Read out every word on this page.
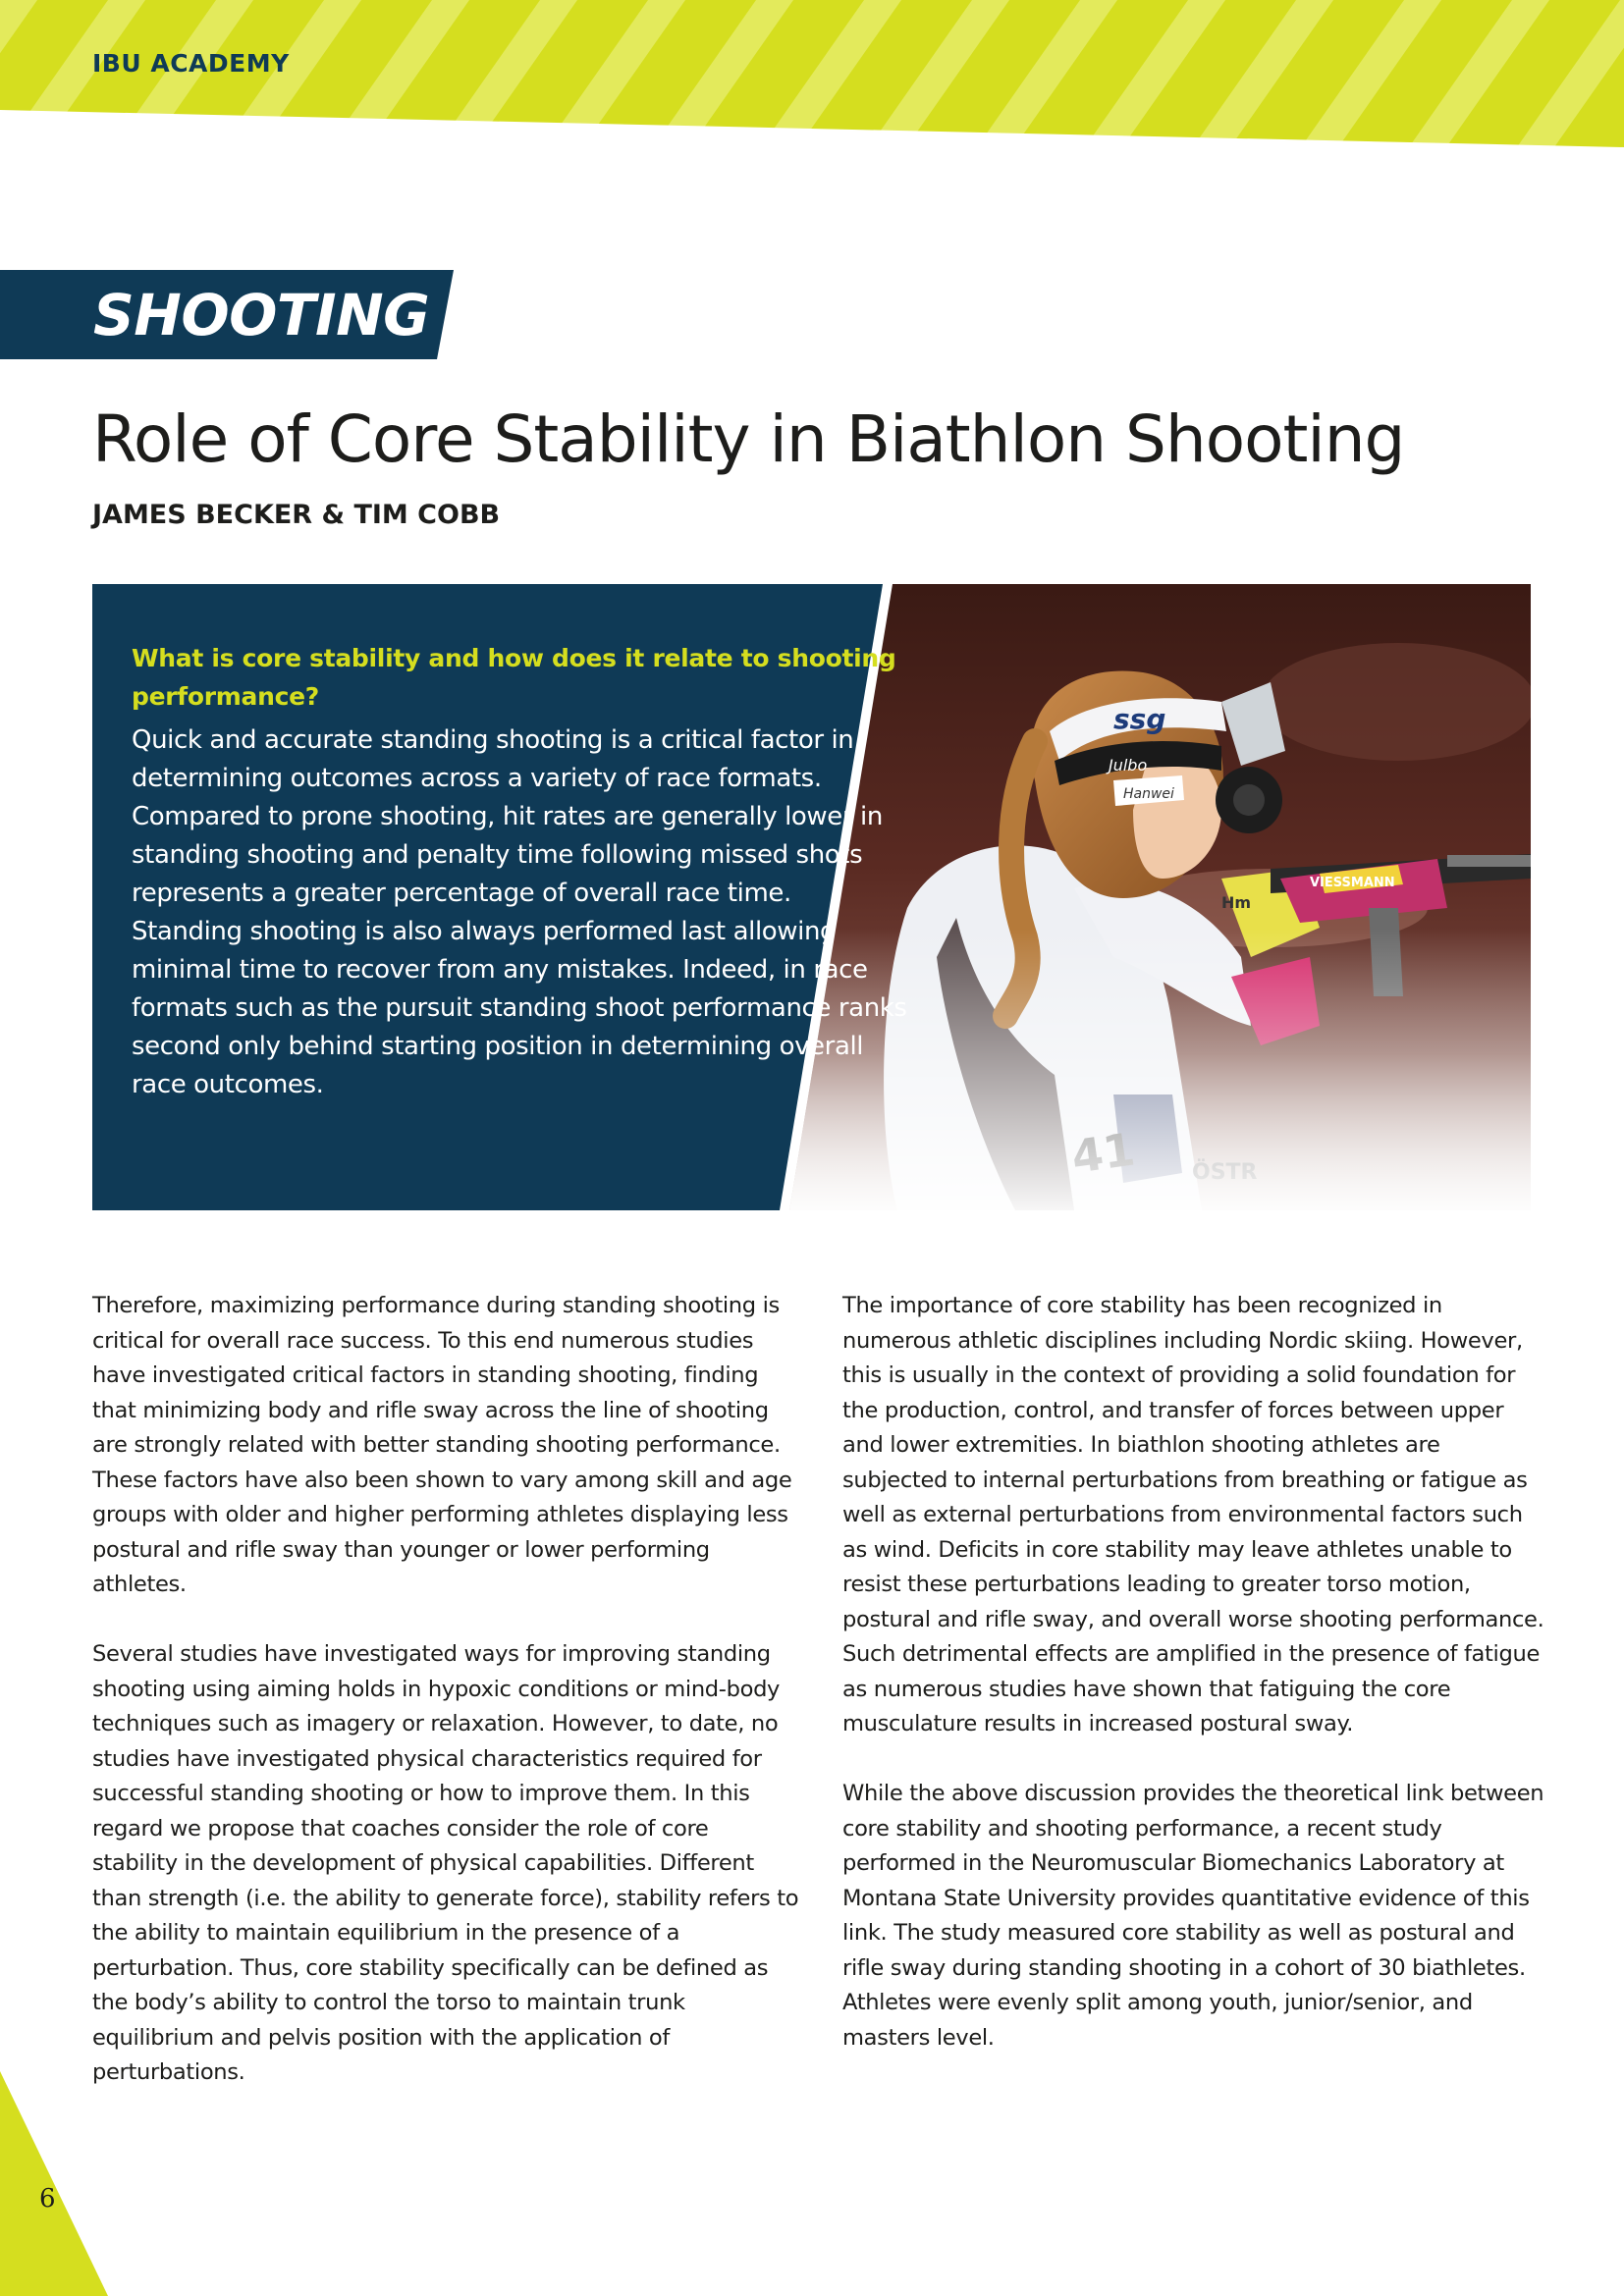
IBU ACADEMY
SHOOTING
Role of Core Stability in Biathlon Shooting
JAMES BECKER & TIM COBB

What is core stability and how does it relate to shooting performance?

Quick and accurate standing shooting is a critical factor in determining outcomes across a variety of race formats. Compared to prone shooting, hit rates are generally lower in standing shooting and penalty time following missed shots represents a greater percentage of overall race time. Standing shooting is also always performed last allowing minimal time to recover from any mistakes. Indeed, in race formats such as the pursuit standing shoot performance ranks second only behind starting position in determining overall race outcomes.

Therefore, maximizing performance during standing shooting is critical for overall race success. To this end numerous studies have investigated critical factors in standing shooting, finding that minimizing body and rifle sway across the line of shooting are strongly related with better standing shooting performance. These factors have also been shown to vary among skill and age groups with older and higher performing athletes displaying less postural and rifle sway than younger or lower performing athletes.

Several studies have investigated ways for improving standing shooting using aiming holds in hypoxic conditions or mind-body techniques such as imagery or relaxation. However, to date, no studies have investigated physical characteristics required for successful standing shooting or how to improve them. In this regard we propose that coaches consider the role of core stability in the development of physical capabilities. Different than strength (i.e. the ability to generate force), stability refers to the ability to maintain equilibrium in the presence of a perturbation. Thus, core stability specifically can be defined as the body’s ability to control the torso to maintain trunk equilibrium and pelvis position with the application of perturbations.

The importance of core stability has been recognized in numerous athletic disciplines including Nordic skiing. However, this is usually in the context of providing a solid foundation for the production, control, and transfer of forces between upper and lower extremities. In biathlon shooting athletes are subjected to internal perturbations from breathing or fatigue as well as external perturbations from environmental factors such as wind. Deficits in core stability may leave athletes unable to resist these perturbations leading to greater torso motion, postural and rifle sway, and overall worse shooting performance. Such detrimental effects are amplified in the presence of fatigue as numerous studies have shown that fatiguing the core musculature results in increased postural sway.

While the above discussion provides the theoretical link between core stability and shooting performance, a recent study performed in the Neuromuscular Biomechanics Laboratory at Montana State University provides quantitative evidence of this link. The study measured core stability as well as postural and rifle sway during standing shooting in a cohort of 30 biathletes. Athletes were evenly split among youth, junior/senior, and masters level.

6
